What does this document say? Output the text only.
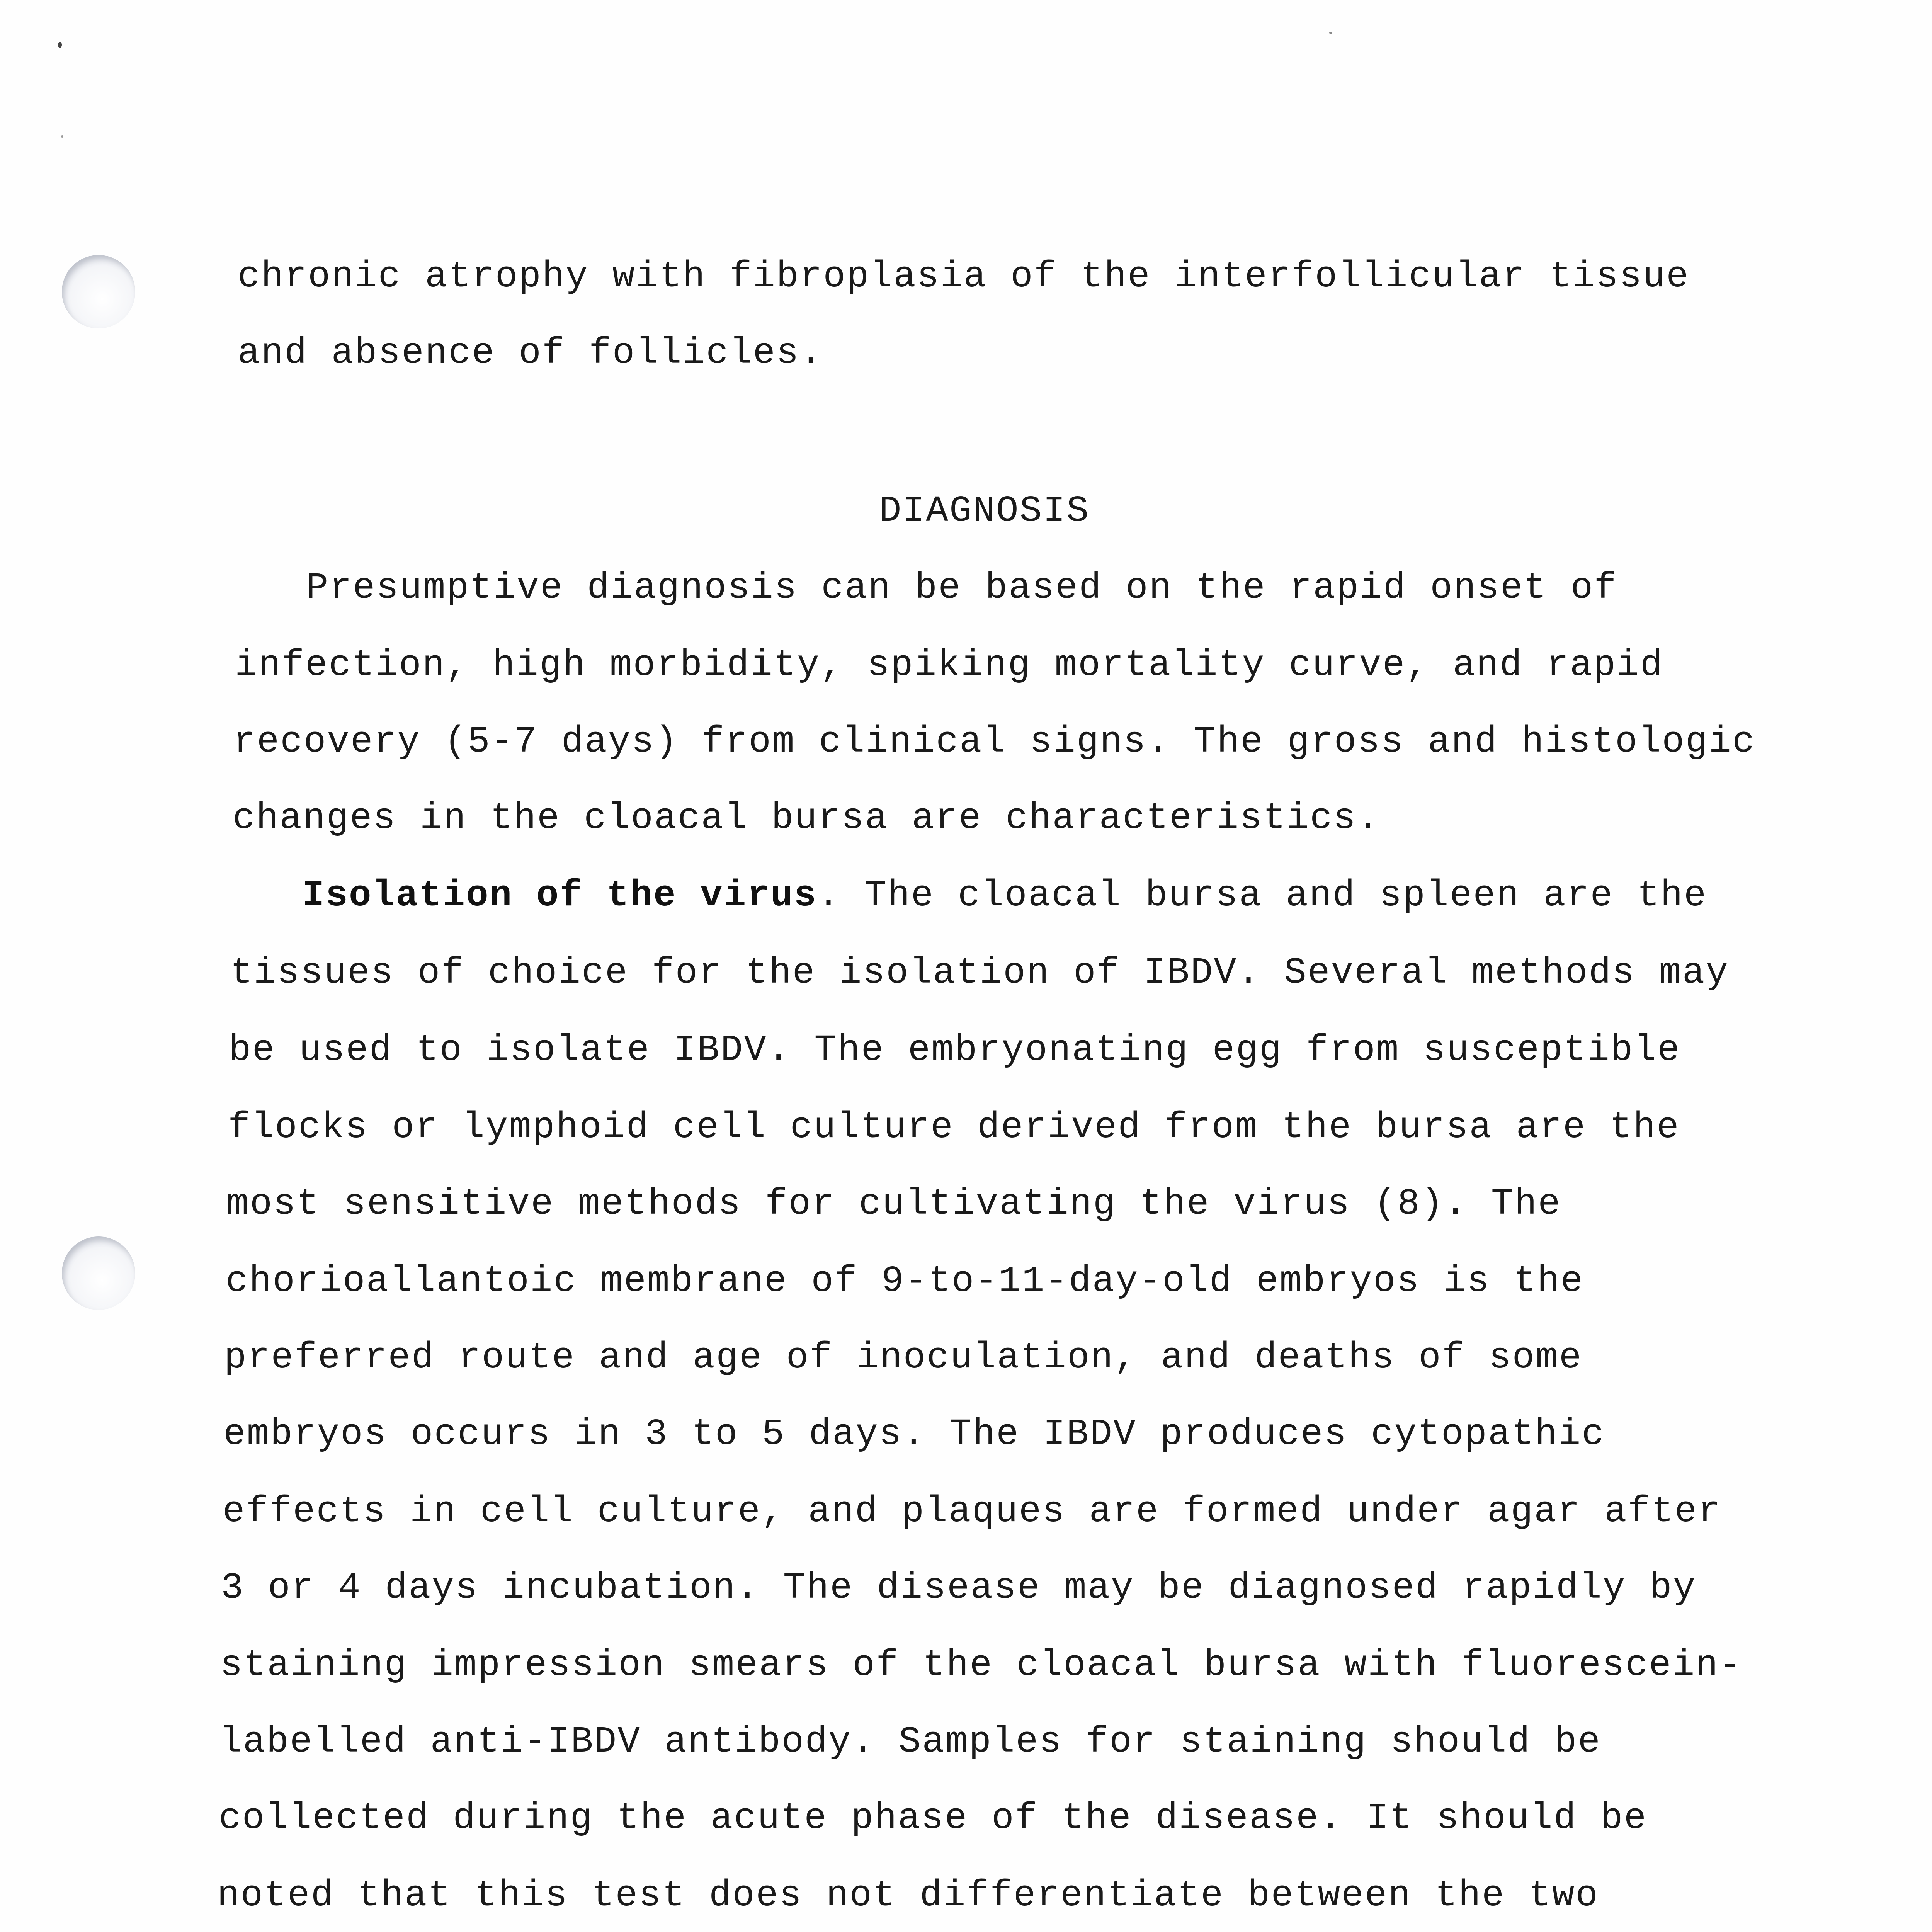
chronic atrophy with fibroplasia of the interfollicular tissue
and absence of follicles.
DIAGNOSIS
Presumptive diagnosis can be based on the rapid onset of
infection, high morbidity, spiking mortality curve, and rapid
recovery (5-7 days) from clinical signs. The gross and histologic
changes in the cloacal bursa are characteristics.
Isolation of the virus. The cloacal bursa and spleen are the
tissues of choice for the isolation of IBDV. Several methods may
be used to isolate IBDV. The embryonating egg from susceptible
flocks or lymphoid cell culture derived from the bursa are the
most sensitive methods for cultivating the virus (8). The
chorioallantoic membrane of 9-to-11-day-old embryos is the
preferred route and age of inoculation, and deaths of some
embryos occurs in 3 to 5 days. The IBDV produces cytopathic
effects in cell culture, and plaques are formed under agar after
3 or 4 days incubation. The disease may be diagnosed rapidly by
staining impression smears of the cloacal bursa with fluorescein-
labelled anti-IBDV antibody. Samples for staining should be
collected during the acute phase of the disease. It should be
noted that this test does not differentiate between the two
